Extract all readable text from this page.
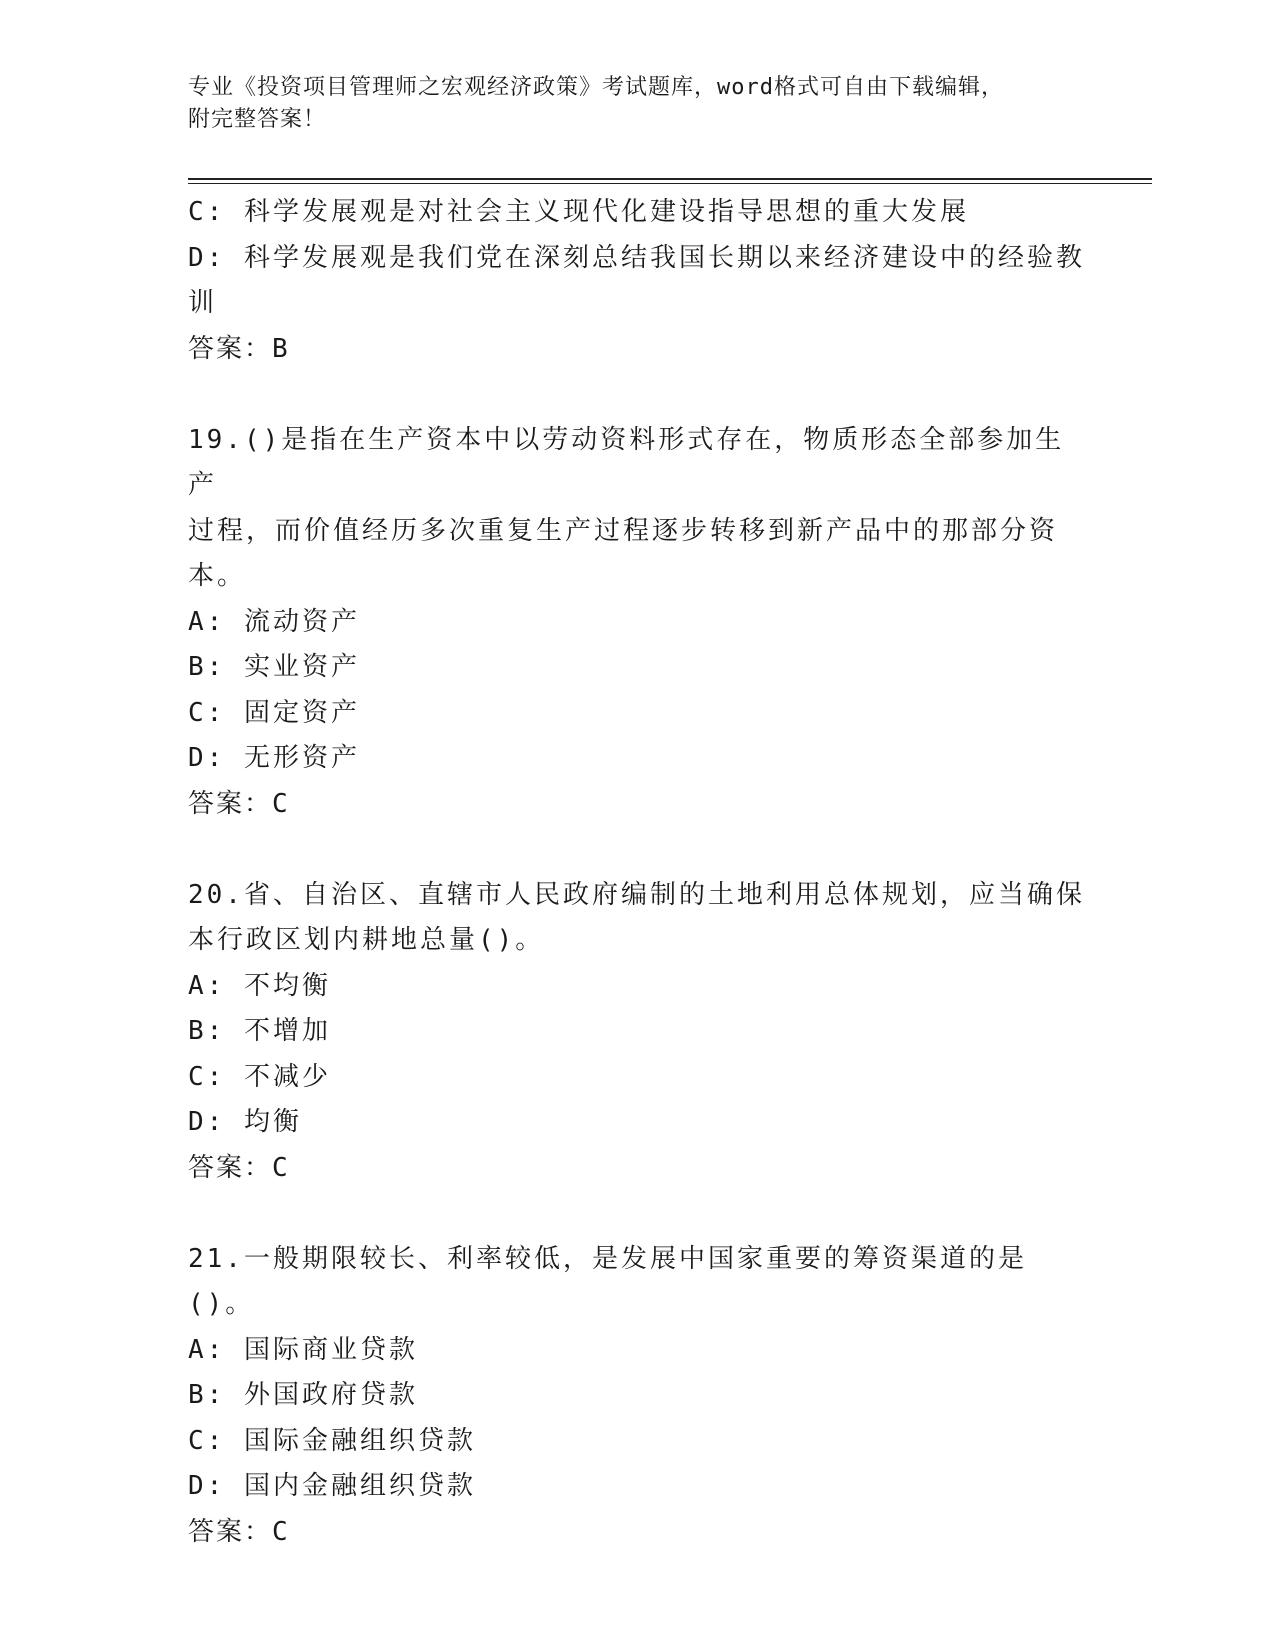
专业《投资项目管理师之宏观经济政策》考试题库，word格式可自由下载编辑，
附完整答案！
C: 科学发展观是对社会主义现代化建设指导思想的重大发展
D: 科学发展观是我们党在深刻总结我国长期以来经济建设中的经验教
训
答案：B
19.()是指在生产资本中以劳动资料形式存在，物质形态全部参加生产
过程，而价值经历多次重复生产过程逐步转移到新产品中的那部分资
本。
A: 流动资产
B: 实业资产
C: 固定资产
D: 无形资产
答案：C
20.省、自治区、直辖市人民政府编制的土地利用总体规划，应当确保
本行政区划内耕地总量()。
A: 不均衡
B: 不增加
C: 不减少
D: 均衡
答案：C
21.一般期限较长、利率较低，是发展中国家重要的筹资渠道的是()。
A: 国际商业贷款
B: 外国政府贷款
C: 国际金融组织贷款
D: 国内金融组织贷款
答案：C
